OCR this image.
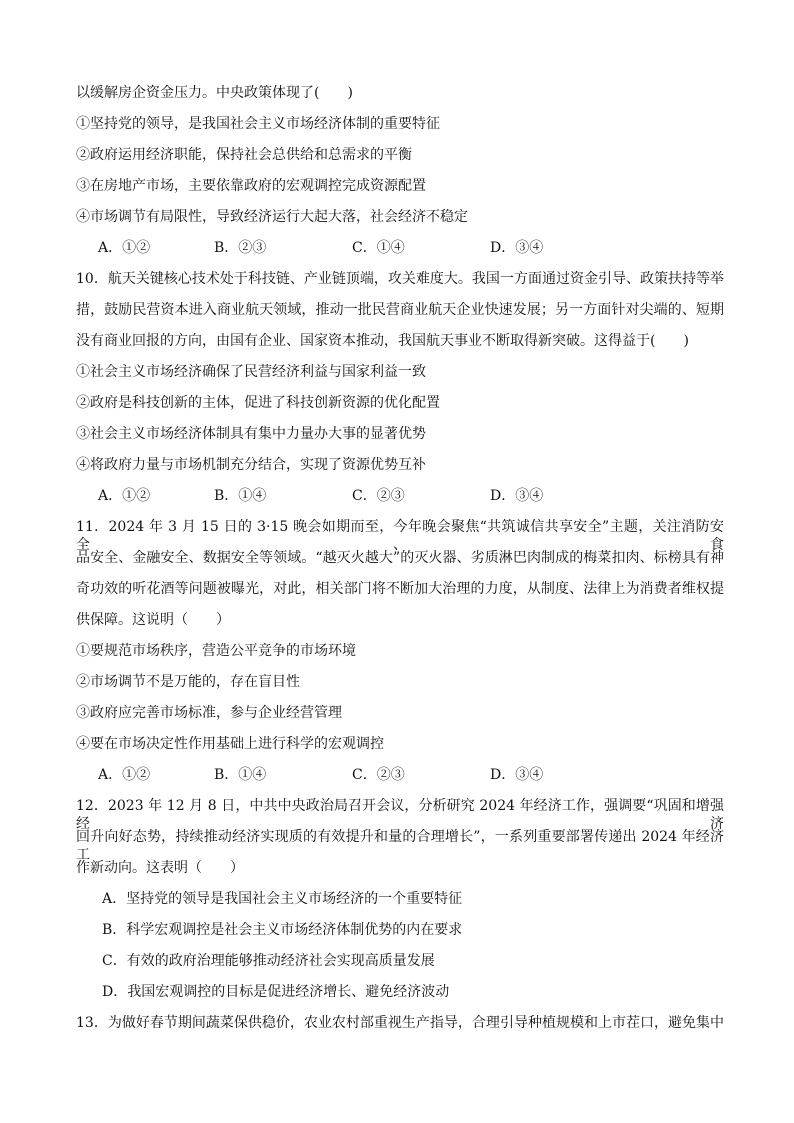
以缓解房企资金压力。中央政策体现了(　　)
①坚持党的领导，是我国社会主义市场经济体制的重要特征
②政府运用经济职能，保持社会总供给和总需求的平衡
③在房地产市场，主要依靠政府的宏观调控完成资源配置
④市场调节有局限性，导致经济运行大起大落，社会经济不稳定
A．①②	B．②③	C．①④	D．③④
10．航天关键核心技术处于科技链、产业链顶端，攻关难度大。我国一方面通过资金引导、政策扶持等举
措，鼓励民营资本进入商业航天领域，推动一批民营商业航天企业快速发展；另一方面针对尖端的、短期
没有商业回报的方向，由国有企业、国家资本推动，我国航天事业不断取得新突破。这得益于(　　)
①社会主义市场经济确保了民营经济利益与国家利益一致
②政府是科技创新的主体，促进了科技创新资源的优化配置
③社会主义市场经济体制具有集中力量办大事的显著优势
④将政府力量与市场机制充分结合，实现了资源优势互补
A．①②	B．①④	C．②③	D．③④
11．2024 年 3 月 15 日的 3·15 晚会如期而至，今年晚会聚焦“共筑诚信共享安全”主题，关注消防安全、食
品安全、金融安全、数据安全等领域。“越灭火越大”的灭火器、劣质淋巴肉制成的梅菜扣肉、标榜具有神
奇功效的听花酒等问题被曝光，对此，相关部门将不断加大治理的力度，从制度、法律上为消费者维权提
供保障。这说明（　　）
①要规范市场秩序，营造公平竞争的市场环境
②市场调节不是万能的，存在盲目性
③政府应完善市场标准，参与企业经营管理
④要在市场决定性作用基础上进行科学的宏观调控
A．①②	B．①④	C．②③	D．③④
12．2023 年 12 月 8 日，中共中央政治局召开会议，分析研究 2024 年经济工作，强调要“巩固和增强经济
回升向好态势，持续推动经济实现质的有效提升和量的合理增长”，一系列重要部署传递出 2024 年经济工
作新动向。这表明（　　）
A．坚持党的领导是我国社会主义市场经济的一个重要特征
B．科学宏观调控是社会主义市场经济体制优势的内在要求
C．有效的政府治理能够推动经济社会实现高质量发展
D．我国宏观调控的目标是促进经济增长、避免经济波动
13．为做好春节期间蔬菜保供稳价，农业农村部重视生产指导，合理引导种植规模和上市茬口，避免集中
